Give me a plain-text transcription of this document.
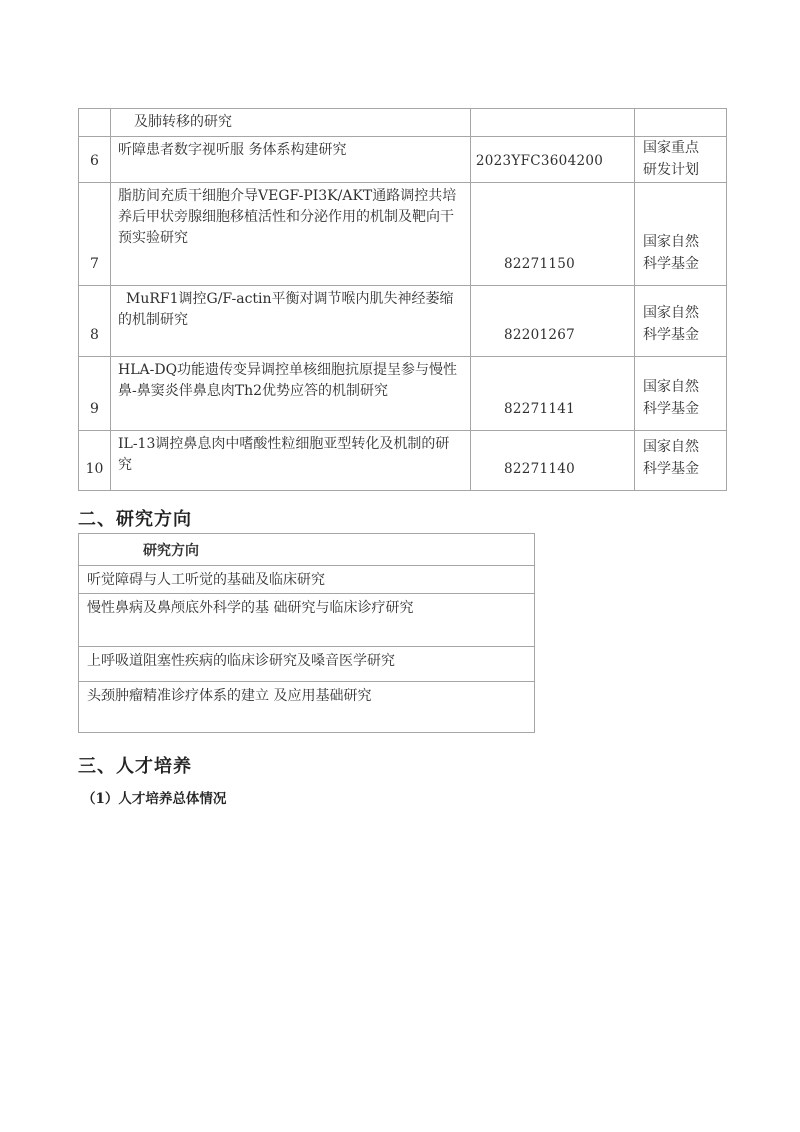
	及肺转移的研究		

6	听障患者数字视听服 务体系构建研究	2023YFC3604200	国家重点研发计划

7	脂肪间充质干细胞介导VEGF-PI3K/AKT通路调控共培养后甲状旁腺细胞移植活性和分泌作用的机制及靶向干预实验研究	82271150	国家自然科学基金

8	MuRF1调控G/F-actin平衡对调节喉内肌失神经萎缩的机制研究	82201267	国家自然科学基金

9	HLA-DQ功能遗传变异调控单核细胞抗原提呈参与慢性鼻-鼻窦炎伴鼻息肉Th2优势应答的机制研究	82271141	国家自然科学基金

10	IL-13调控鼻息肉中嗜酸性粒细胞亚型转化及机制的研究	82271140	国家自然科学基金
二、研究方向
研究方向
听觉障碍与人工听觉的基础及临床研究
慢性鼻病及鼻颅底外科学的基 础研究与临床诊疗研究
上呼吸道阻塞性疾病的临床诊研究及嗓音医学研究
头颈肿瘤精准诊疗体系的建立 及应用基础研究
三、人才培养
（1）人才培养总体情况
